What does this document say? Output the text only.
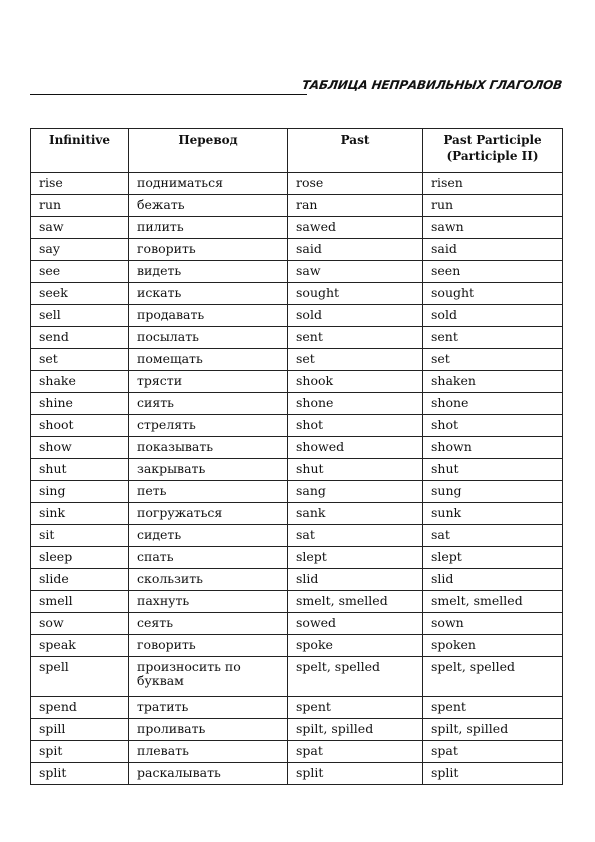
ТАБЛИЦА НЕПРАВИЛЬНЫХ ГЛАГОЛОВ
Infinitive	Перевод	Past	Past Participle (Participle II)
rise	подниматься	rose	risen
run	бежать	ran	run
saw	пилить	sawed	sawn
say	говорить	said	said
see	видеть	saw	seen
seek	искать	sought	sought
sell	продавать	sold	sold
send	посылать	sent	sent
set	помещать	set	set
shake	трясти	shook	shaken
shine	сиять	shone	shone
shoot	стрелять	shot	shot
show	показывать	showed	shown
shut	закрывать	shut	shut
sing	петь	sang	sung
sink	погружаться	sank	sunk
sit	сидеть	sat	sat
sleep	спать	slept	slept
slide	скользить	slid	slid
smell	пахнуть	smelt, smelled	smelt, smelled
sow	сеять	sowed	sown
speak	говорить	spoke	spoken
spell	произносить по буквам	spelt, spelled	spelt, spelled
spend	тратить	spent	spent
spill	проливать	spilt, spilled	spilt, spilled
spit	плевать	spat	spat
split	раскалывать	split	split
